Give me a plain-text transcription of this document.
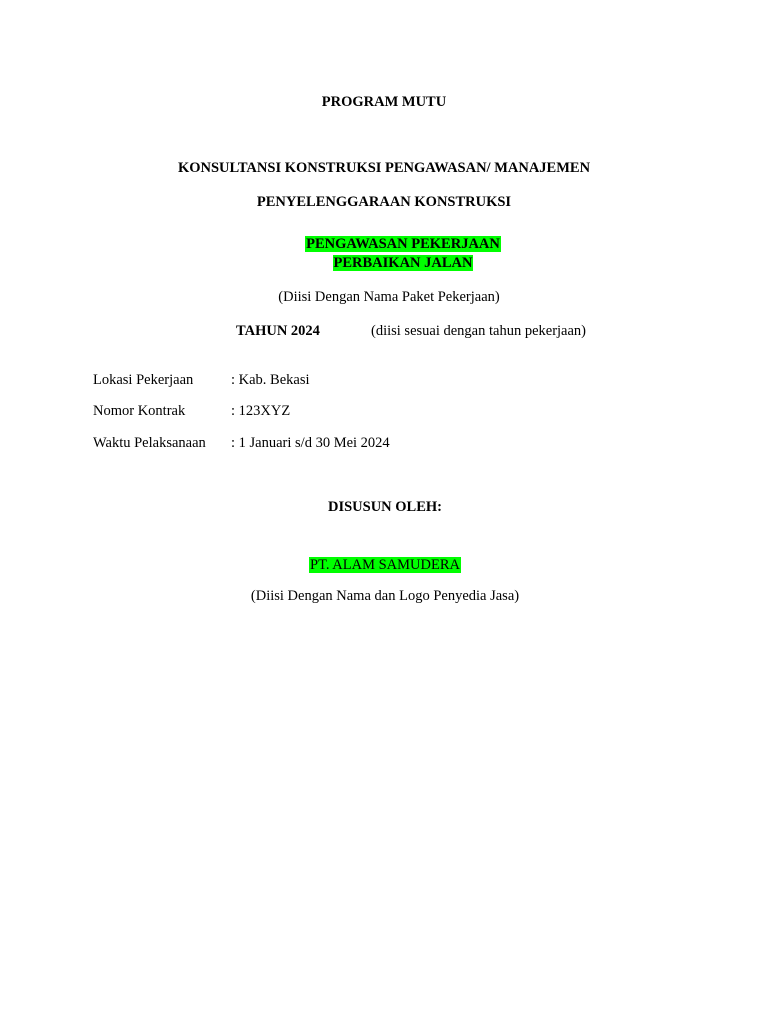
PROGRAM MUTU
KONSULTANSI KONSTRUKSI PENGAWASAN/ MANAJEMEN
PENYELENGGARAAN KONSTRUKSI
PENGAWASAN PEKERJAAN
PERBAIKAN JALAN
(Diisi Dengan Nama Paket Pekerjaan)
TAHUN 2024	(diisi sesuai dengan tahun pekerjaan)
Lokasi Pekerjaan	: Kab. Bekasi
Nomor Kontrak	: 123XYZ
Waktu Pelaksanaan : 1 Januari s/d 30 Mei 2024
DISUSUN OLEH:
PT. ALAM SAMUDERA
(Diisi Dengan Nama dan Logo Penyedia Jasa)
